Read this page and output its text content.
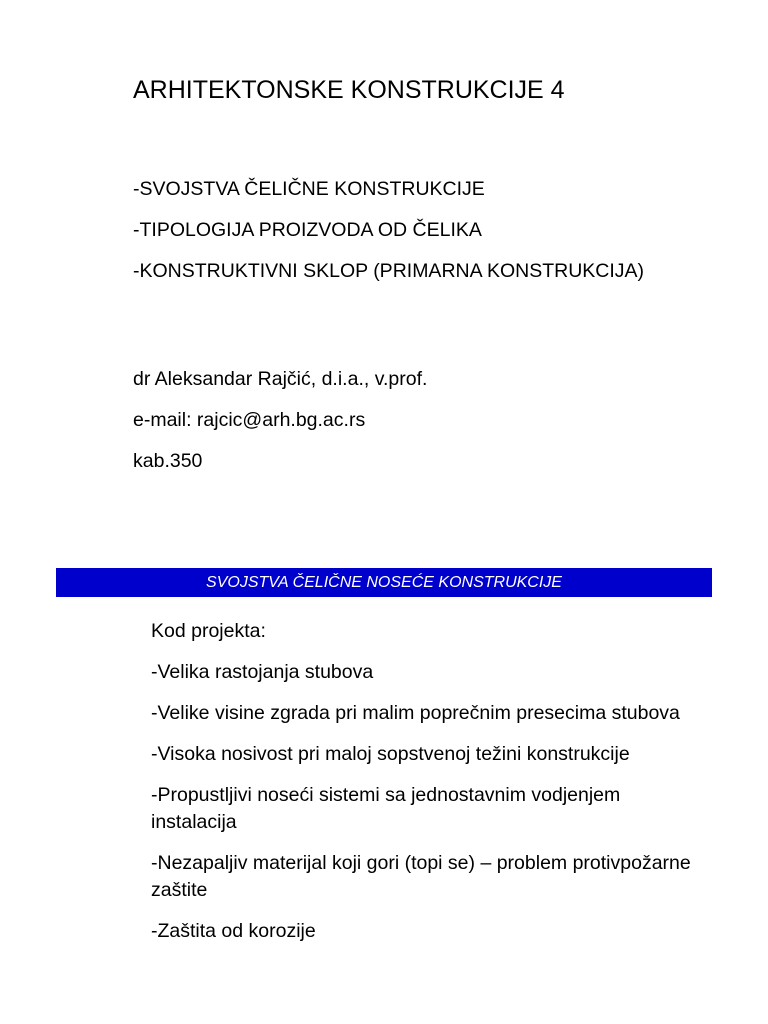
ARHITEKTONSKE KONSTRUKCIJE 4
-SVOJSTVA ČELIČNE KONSTRUKCIJE
-TIPOLOGIJA PROIZVODA OD ČELIKA
-KONSTRUKTIVNI SKLOP (PRIMARNA KONSTRUKCIJA)
dr Aleksandar Rajčić, d.i.a., v.prof.
e-mail: rajcic@arh.bg.ac.rs
kab.350
SVOJSTVA ČELIČNE NOSEĆE KONSTRUKCIJE
Kod projekta:
-Velika rastojanja stubova
-Velike visine zgrada pri malim poprečnim presecima stubova
-Visoka nosivost pri maloj sopstvenoj težini konstrukcije
-Propustljivi noseći sistemi sa jednostavnim vodjenjem instalacija
-Nezapaljiv materijal koji gori (topi se) – problem protivpožarne zaštite
-Zaštita od korozije
